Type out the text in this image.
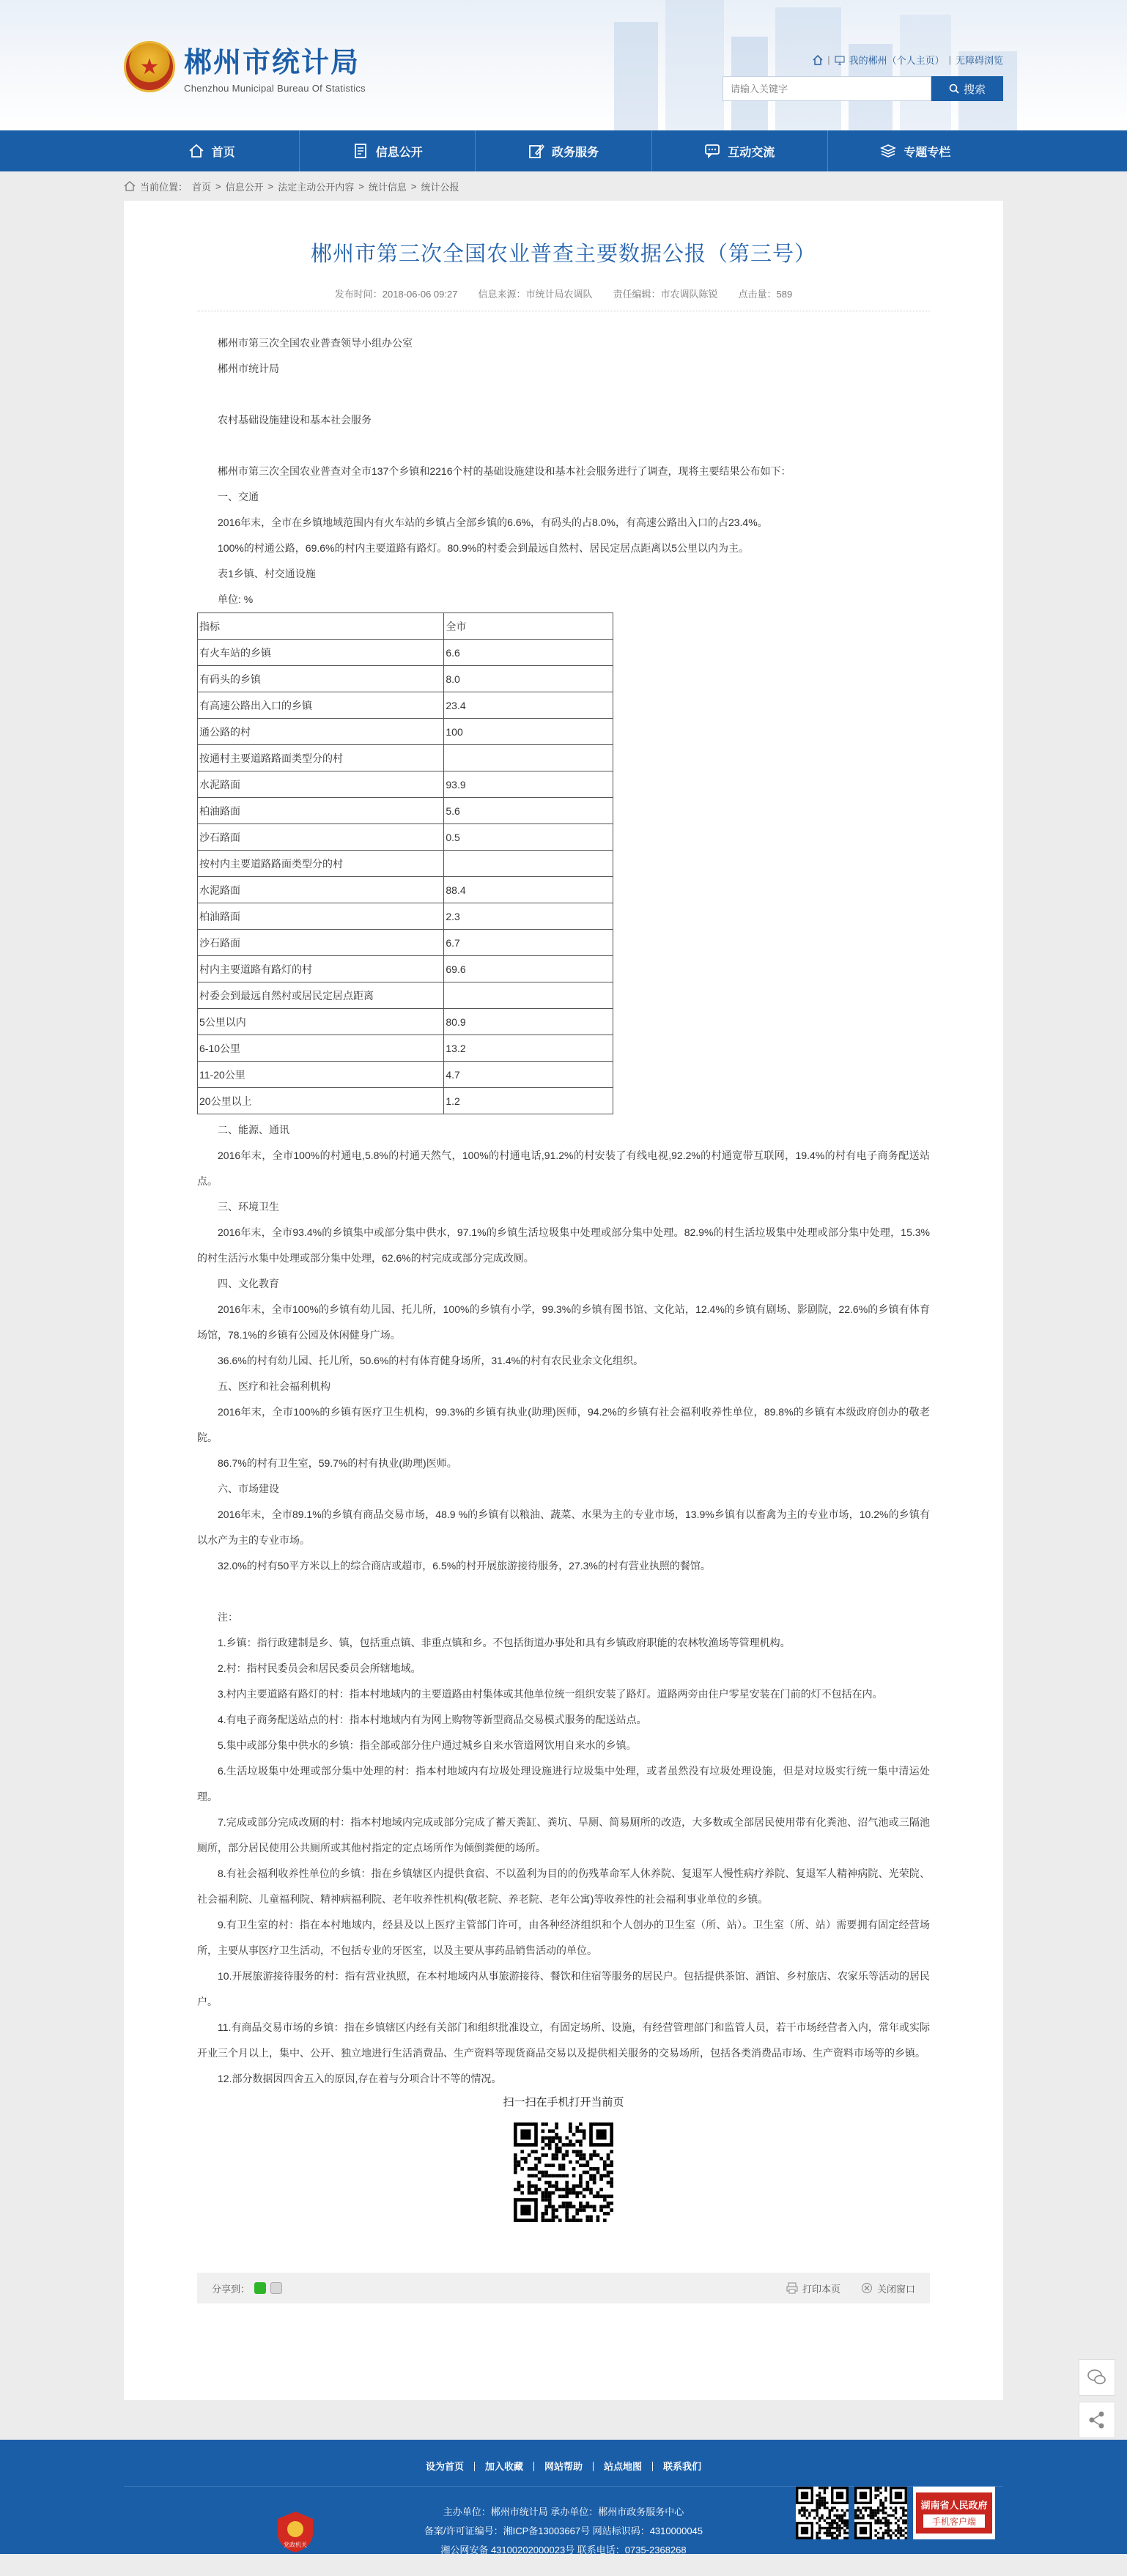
★ 郴州市统计局
Chenzhou Municipal Bureau Of Statistics
| 我的郴州（个人主页） | 无障碍浏览
请输入关键字
搜索
首页	信息公开	政务服务	互动交流	专题专栏
当前位置： 首页 > 信息公开 > 法定主动公开内容 > 统计信息 > 统计公报
郴州市第三次全国农业普查主要数据公报（第三号）
发布时间：2018-06-06 09:27 信息来源：市统计局农调队 责任编辑：市农调队陈锐 点击量：589

郴州市第三次全国农业普查领导小组办公室

郴州市统计局

农村基础设施建设和基本社会服务

郴州市第三次全国农业普查对全市137个乡镇和2216个村的基础设施建设和基本社会服务进行了调查，现将主要结果公布如下：

一、交通

2016年末，全市在乡镇地域范围内有火车站的乡镇占全部乡镇的6.6%，有码头的占8.0%，有高速公路出入口的占23.4%。

100%的村通公路，69.6%的村内主要道路有路灯。80.9%的村委会到最远自然村、居民定居点距离以5公里以内为主。

表1乡镇、村交通设施

单位: %

指标	全市
有火车站的乡镇	6.6
有码头的乡镇	8.0
有高速公路出入口的乡镇	23.4
通公路的村	100
按通村主要道路路面类型分的村	
水泥路面	93.9
柏油路面	5.6
沙石路面	0.5
按村内主要道路路面类型分的村	
水泥路面	88.4
柏油路面	2.3
沙石路面	6.7
村内主要道路有路灯的村	69.6
村委会到最远自然村或居民定居点距离	
5公里以内	80.9
6-10公里	13.2
11-20公里	4.7
20公里以上	1.2

二、能源、通讯

2016年末，全市100%的村通电,5.8%的村通天然气，100%的村通电话,91.2%的村安装了有线电视,92.2%的村通宽带互联网，19.4%的村有电子商务配送站点。

三、环境卫生

2016年末，全市93.4%的乡镇集中或部分集中供水，97.1%的乡镇生活垃圾集中处理或部分集中处理。82.9%的村生活垃圾集中处理或部分集中处理，15.3%的村生活污水集中处理或部分集中处理，62.6%的村完成或部分完成改厕。

四、文化教育

2016年末，全市100%的乡镇有幼儿园、托儿所，100%的乡镇有小学，99.3%的乡镇有图书馆、文化站，12.4%的乡镇有剧场、影剧院，22.6%的乡镇有体育场馆，78.1%的乡镇有公园及休闲健身广场。

36.6%的村有幼儿园、托儿所，50.6%的村有体育健身场所，31.4%的村有农民业余文化组织。

五、医疗和社会福利机构

2016年末，全市100%的乡镇有医疗卫生机构，99.3%的乡镇有执业(助理)医师，94.2%的乡镇有社会福利收养性单位，89.8%的乡镇有本级政府创办的敬老院。

86.7%的村有卫生室，59.7%的村有执业(助理)医师。

六、市场建设

2016年末，全市89.1%的乡镇有商品交易市场，48.9 %的乡镇有以粮油、蔬菜、水果为主的专业市场，13.9%乡镇有以畜禽为主的专业市场，10.2%的乡镇有以水产为主的专业市场。

32.0%的村有50平方米以上的综合商店或超市，6.5%的村开展旅游接待服务，27.3%的村有营业执照的餐馆。

注：

1.乡镇：指行政建制是乡、镇，包括重点镇、非重点镇和乡。不包括街道办事处和具有乡镇政府职能的农林牧渔场等管理机构。

2.村：指村民委员会和居民委员会所辖地域。

3.村内主要道路有路灯的村：指本村地域内的主要道路由村集体或其他单位统一组织安装了路灯。道路两旁由住户零星安装在门前的灯不包括在内。

4.有电子商务配送站点的村：指本村地域内有为网上购物等新型商品交易模式服务的配送站点。

5.集中或部分集中供水的乡镇：指全部或部分住户通过城乡自来水管道网饮用自来水的乡镇。

6.生活垃圾集中处理或部分集中处理的村：指本村地域内有垃圾处理设施进行垃圾集中处理，或者虽然没有垃圾处理设施，但是对垃圾实行统一集中清运处理。

7.完成或部分完成改厕的村：指本村地域内完成或部分完成了蓄天粪缸、粪坑、旱厕、简易厕所的改造，大多数或全部居民使用带有化粪池、沼气池或三隔池厕所，部分居民使用公共厕所或其他村指定的定点场所作为倾倒粪便的场所。

8.有社会福利收养性单位的乡镇：指在乡镇辖区内提供食宿、不以盈利为目的的伤残革命军人休养院、复退军人慢性病疗养院、复退军人精神病院、光荣院、社会福利院、儿童福利院、精神病福利院、老年收养性机构(敬老院、养老院、老年公寓)等收养性的社会福利事业单位的乡镇。

9.有卫生室的村：指在本村地域内，经县及以上医疗主管部门许可，由各种经济组织和个人创办的卫生室（所、站）。卫生室（所、站）需要拥有固定经营场所，主要从事医疗卫生活动，不包括专业的牙医室，以及主要从事药品销售活动的单位。

10.开展旅游接待服务的村：指有营业执照，在本村地域内从事旅游接待、餐饮和住宿等服务的居民户。包括提供茶馆、酒馆、乡村旅店、农家乐等活动的居民户。

11.有商品交易市场的乡镇：指在乡镇辖区内经有关部门和组织批准设立，有固定场所、设施，有经营管理部门和监管人员，若干市场经营者入内，常年或实际开业三个月以上，集中、公开、独立地进行生活消费品、生产资料等现货商品交易以及提供相关服务的交易场所，包括各类消费品市场、生产资料市场等的乡镇。

12.部分数据因四舍五入的原因,存在着与分项合计不等的情况。

扫一扫在手机打开当前页
分享到：	打印本页	关闭窗口
设为首页	加入收藏	网站帮助	站点地图	联系我们
主办单位：郴州市统计局 承办单位：郴州市政务服务中心
备案/许可证编号：湘ICP备13003667号 网站标识码：4310000045
湘公网安备 43100202000023号 联系电话：0735-2368268
党政机关
湖南省人民政府
手机客户端
